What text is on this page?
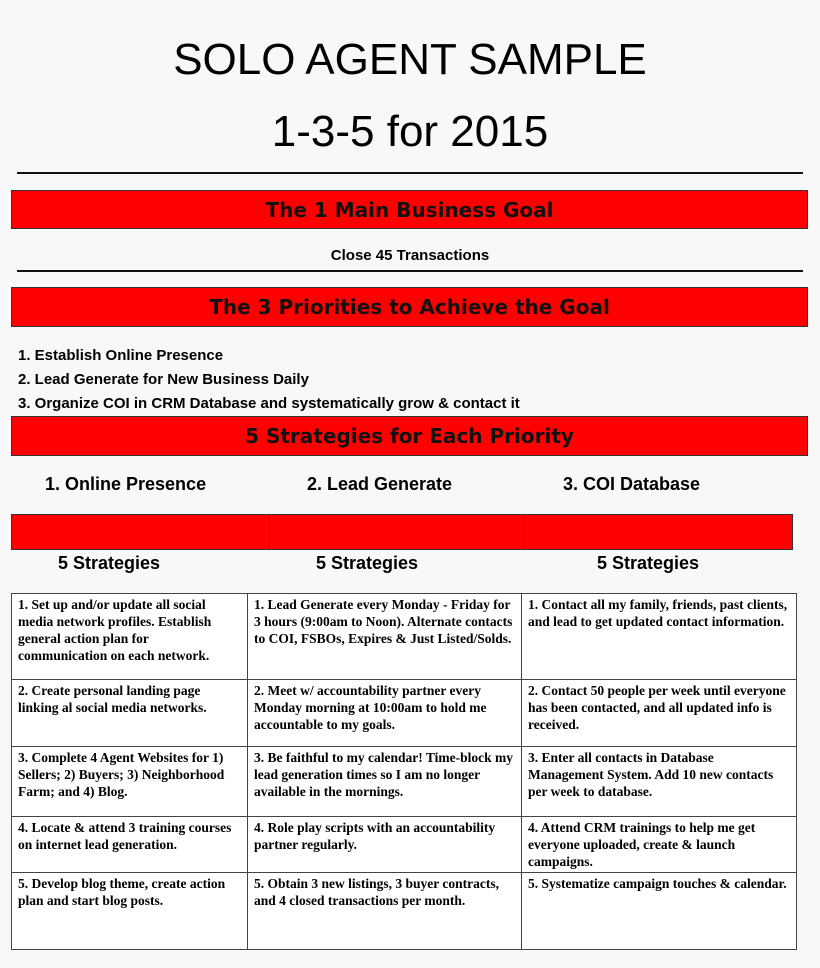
SOLO AGENT SAMPLE
1-3-5 for 2015
The 1 Main Business Goal
Close 45 Transactions
The 3 Priorities to Achieve the Goal
1. Establish Online Presence
2. Lead Generate for New Business Daily
3. Organize COI in CRM Database and systematically grow & contact it
5 Strategies for Each Priority
1. Online Presence	2. Lead Generate	3. COI Database
5 Strategies	5 Strategies	5 Strategies
1. Set up and/or update all social media network profiles. Establish general action plan for communication on each network.	1. Lead Generate every Monday - Friday for 3 hours (9:00am to Noon). Alternate contacts to COI, FSBOs, Expires & Just Listed/Solds.	1. Contact all my family, friends, past clients, and lead to get updated contact information.
2. Create personal landing page linking al social media networks.	2. Meet w/ accountability partner every Monday morning at 10:00am to hold me accountable to my goals.	2. Contact 50 people per week until everyone has been contacted, and all updated info is received.
3. Complete 4 Agent Websites for 1) Sellers; 2) Buyers; 3) Neighborhood Farm; and 4) Blog.	3. Be faithful to my calendar! Time-block my lead generation times so I am no longer available in the mornings.	3. Enter all contacts in Database Management System. Add 10 new contacts per week to database.
4. Locate & attend 3 training courses on internet lead generation.	4. Role play scripts with an accountability partner regularly.	4. Attend CRM trainings to help me get everyone uploaded, create & launch campaigns.
5. Develop blog theme, create action plan and start blog posts.	5. Obtain 3 new listings, 3 buyer contracts, and 4 closed transactions per month.	5. Systematize campaign touches & calendar.
